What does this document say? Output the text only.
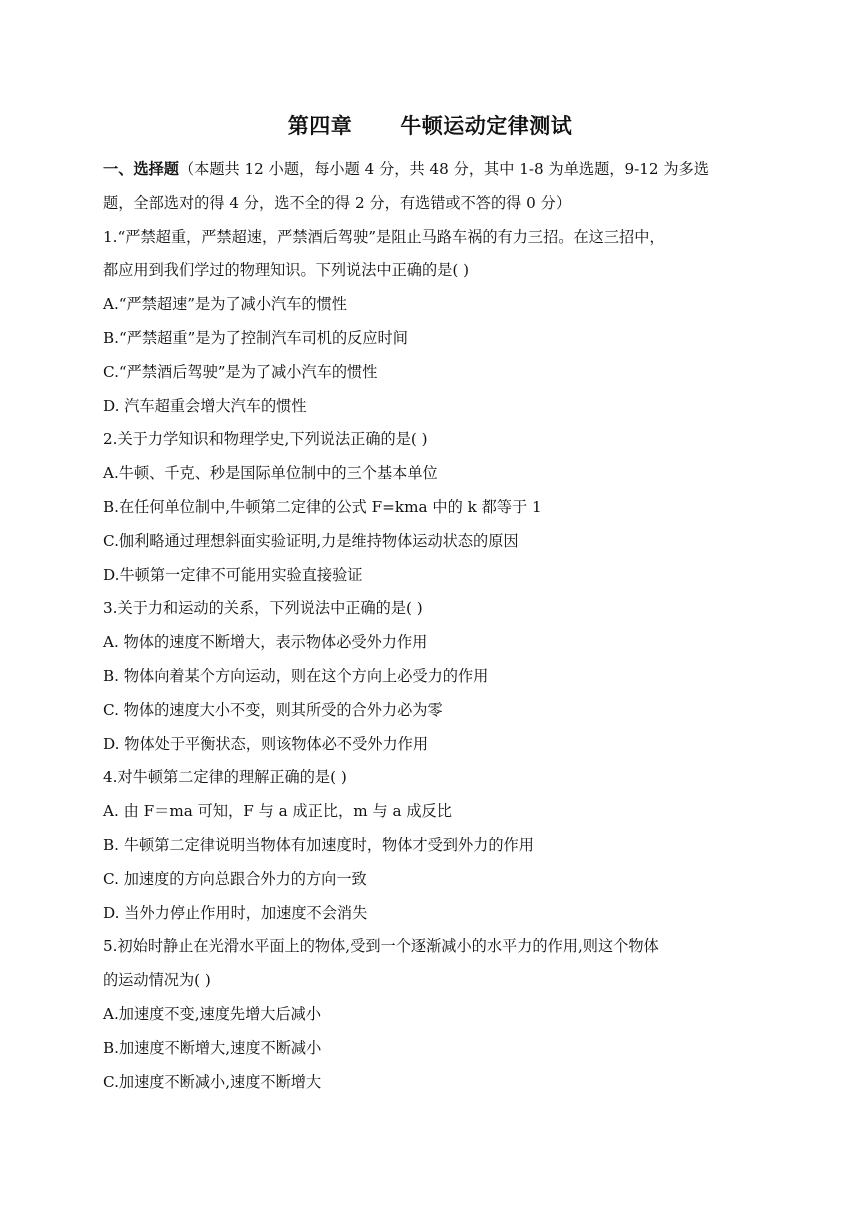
第四章 牛顿运动定律测试

一、选择题（本题共 12 小题，每小题 4 分，共 48 分，其中 1-8 为单选题，9-12 为多选

题，全部选对的得 4 分，选不全的得 2 分，有选错或不答的得 0 分）

1.“严禁超重，严禁超速，严禁酒后驾驶”是阻止马路车祸的有力三招。在这三招中，

都应用到我们学过的物理知识。下列说法中正确的是( )

A.“严禁超速”是为了减小汽车的惯性

B.“严禁超重”是为了控制汽车司机的反应时间

C.“严禁酒后驾驶”是为了减小汽车的惯性

D. 汽车超重会增大汽车的惯性

2.关于力学知识和物理学史,下列说法正确的是( )

A.牛顿、千克、秒是国际单位制中的三个基本单位

B.在任何单位制中,牛顿第二定律的公式 F=kma 中的 k 都等于 1

C.伽利略通过理想斜面实验证明,力是维持物体运动状态的原因

D.牛顿第一定律不可能用实验直接验证

3.关于力和运动的关系，下列说法中正确的是( )

A. 物体的速度不断增大，表示物体必受外力作用

B. 物体向着某个方向运动，则在这个方向上必受力的作用

C. 物体的速度大小不变，则其所受的合外力必为零

D. 物体处于平衡状态，则该物体必不受外力作用

4.对牛顿第二定律的理解正确的是( )

A. 由 F＝ma 可知，F 与 a 成正比，m 与 a 成反比

B. 牛顿第二定律说明当物体有加速度时，物体才受到外力的作用

C. 加速度的方向总跟合外力的方向一致

D. 当外力停止作用时，加速度不会消失

5.初始时静止在光滑水平面上的物体,受到一个逐渐减小的水平力的作用,则这个物体

的运动情况为( )

A.加速度不变,速度先增大后减小

B.加速度不断增大,速度不断减小

C.加速度不断减小,速度不断增大
